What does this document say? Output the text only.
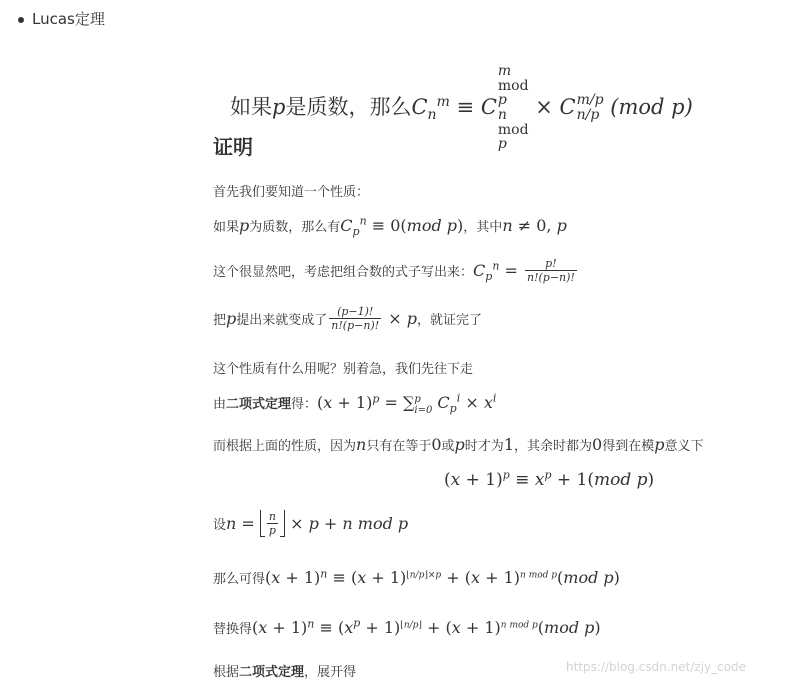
Lucas定理
如果p是质数，那么$C_n^m \equiv C$
m
mod
p
n
mod
p
× C m/p
n/p (mod p)
证明
首先我们要知道一个性质：
如果p为质数，那么有$C_p^n \equiv 0(mod$ p)，其中n ≠ 0, p
这个很显然吧，考虑把组合数的式子写出来：$C_p^n = \frac{p!}{n!(p-n)!}$
把p提出来就变成了 $\frac{(p-1)!}{n!(p-n)!} \times p$，就证完了
这个性质有什么用呢？别着急，我们先往下走
由二项式定理得：$(x + 1)^p$ = ∑ p
i=0 $C_p^i \times x^i$
而根据上面的性质，因为n只有在等于0或p时才为1，其余时都为0得到在模p意义下
$(x + 1)^p \equiv x^p + 1(mod$ p)
设$n = \frac{n}{p} \times p + n$ mod p
那么可得$(x + 1)^n \equiv (x + 1)^{⌊n/p⌋\times p} + (x + 1)^{n mod p}(mod$ p)
替换得$(x + 1)^n \equiv (x^p + 1)^{⌊n/p⌋} + (x + 1)^{n mod p}(mod$ p)
根据二项式定理，展开得	https://blog.csdn.net/zjy_code
